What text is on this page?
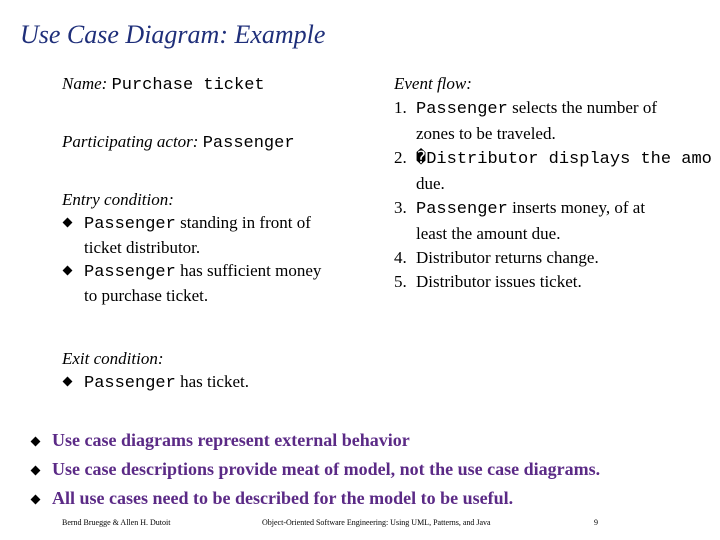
Use Case Diagram: Example
Name: Purchase ticket
Participating actor: Passenger
Entry condition:
Passenger standing in front of
ticket distributor.
Passenger has sufficient money
to purchase ticket.
Exit condition:
Passenger has ticket.
Event flow:
1. Passenger selects the number of
zones to be traveled.
2. �Distributor displays the amo
due.
3. Passenger inserts money, of at
least the amount due.
4. Distributor returns change.
5. Distributor issues ticket.
Use case diagrams represent external behavior
Use case descriptions provide meat of model, not the use case diagrams.
All use cases need to be described for the model to be useful.
Bernd Bruegge & Allen H. Dutoit	Object-Oriented Software Engineering: Using UML, Patterns, and Java	9
